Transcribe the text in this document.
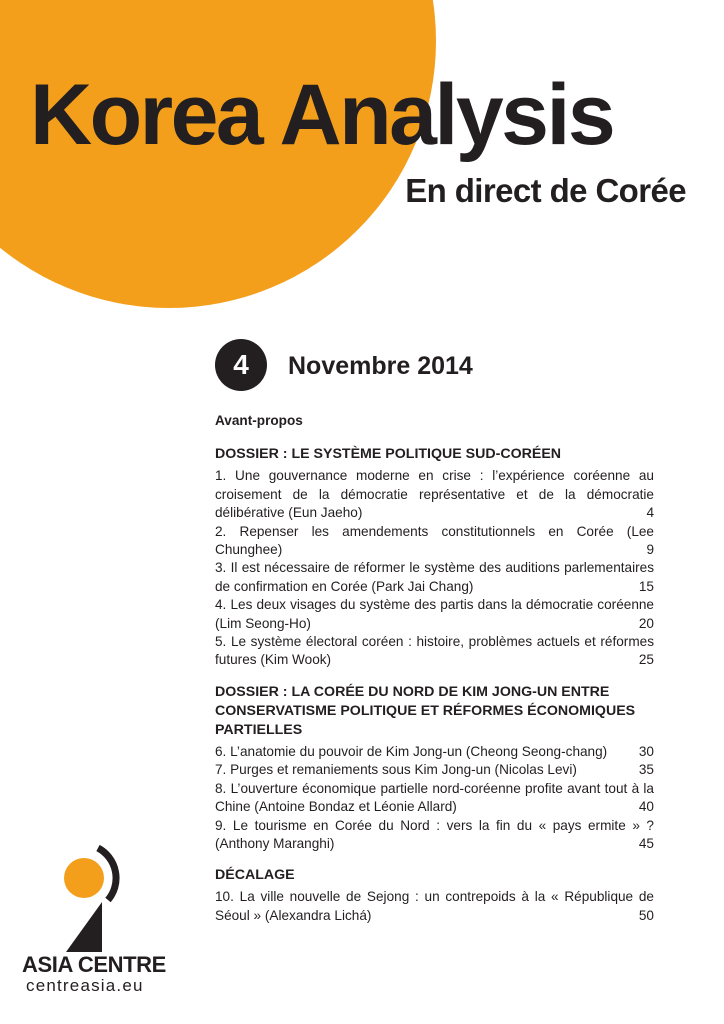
Korea Analysis
En direct de Corée
4	Novembre 2014
Avant-propos
DOSSIER : LE SYSTÈME POLITIQUE SUD-CORÉEN
1. Une gouvernance moderne en crise : l’expérience coréenne au croisement de la démocratie représentative et de la démocratie délibérative (Eun Jaeho)	4
2. Repenser les amendements constitutionnels en Corée (Lee Chunghee)	9
3. Il est nécessaire de réformer le système des auditions parlementaires de confirmation en Corée (Park Jai Chang)	15
4. Les deux visages du système des partis dans la démocratie coréenne (Lim Seong-Ho)	20
5. Le système électoral coréen : histoire, problèmes actuels et réformes futures (Kim Wook)	25
DOSSIER : LA CORÉE DU NORD DE KIM JONG-UN ENTRE CONSERVATISME POLITIQUE ET RÉFORMES ÉCONOMIQUES PARTIELLES
6. L’anatomie du pouvoir de Kim Jong-un (Cheong Seong-chang) 30
7. Purges et remaniements sous Kim Jong-un (Nicolas Levi)	35
8. L’ouverture économique partielle nord-coréenne profite avant tout à la Chine (Antoine Bondaz et Léonie Allard)	40
9. Le tourisme en Corée du Nord : vers la fin du « pays ermite » ? (Anthony Maranghi)	45
DÉCALAGE
10. La ville nouvelle de Sejong : un contrepoids à la « République de Séoul » (Alexandra Lichá)	50
ASIA CENTRE
centreasia.eu
